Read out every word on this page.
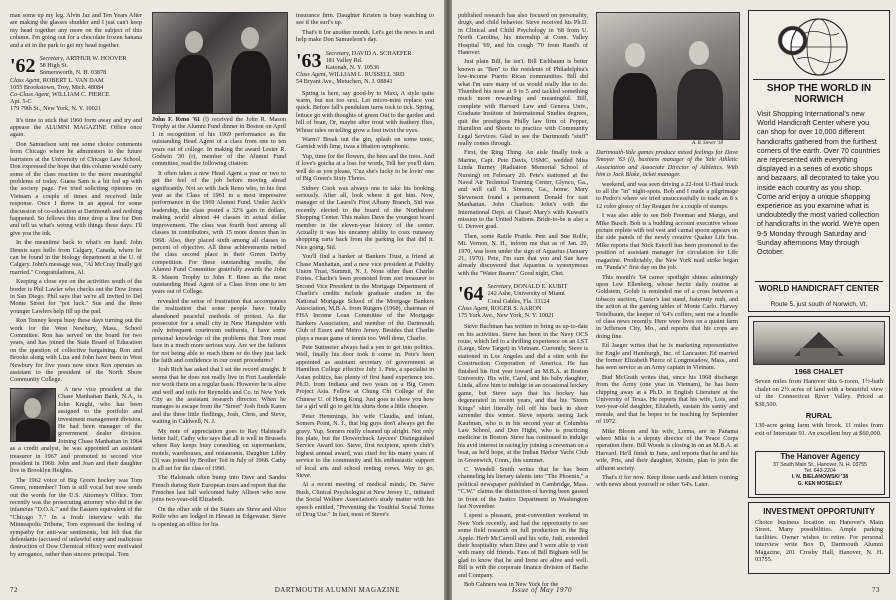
man some up my leg. Alvin Jaz and Ten Years After are making the glasses shudder and I just can't keep my head together any more on the subject of this column. I'm going out for a chocolate frozen banana and a sit in the park to get my head together.

'62 Secretary, ARTHUR W. HOOVER
58 High St.
Somersworth, N. H. 03878
Class Agent, ROBERT L. VAN DAM
1055 Brookstown, Troy, Mich. 48084
Co-Class Agent, WILLIAM C. PIERCE
Apt. 5-C
179 79th St., New York, N. Y. 10021

It's time to stick that 1960 form away and try and appease the ALUMNI MAGAZINE Office once again.

Don Samuelson sent me some choice comments from Chicago where he administers to the future barristers at the University of Chicago Law School. Don expressed the hope that this column would carry some of the class reaction to the more meaningful problems of today. Guess Sam is a bit fed up with the society page. I've tried soliciting opinions on Vietnam a couple of times and received little response. Once I threw in an appeal for some discussion of co-education at Dartmouth and nothing happened. So fellows this time drop a line for Don and tell us what's wrong with things these days. I'll give you the ink.

In the meantime back to what's on hand. John Dennis says hello from Calgary, Canada, where he can be found in the biology department at the U. of Calgary. John's message was, "Al McCray finally got married." Congratulations, Al.

Keeping a close eye on the activities south of the border is Phil Lawler who checks out the Dow Jones in San Diego. Phil says that we're all invited to Del Monte Street for "pot luck." Sue and the three younger Lawlers help fill up the pad.

Ron Tonney keeps busy these days turning out the work for the West Newbury, Mass., School Committee. Ron has served on the board for two years, and has joined the State Board of Education on the question of collective bargaining. Ron and Brooke along with Liza and John have been in West Newbury for five years now since Ron operates as assistant to the president of the North Shore Community College.

A new vice president at the Chase Manhattan Bank, N.A., is John Knight, who has been assigned to the portfolio and investment management division. He had been manager of the government dealer division. Joining Chase Manhattan in 1964 as a credit analyst, he was appointed an assistant treasurer in 1967 and promoted to second vice president in 1968. John and Joan and their daughter live in Brooklyn Heights.

The 1962 voice of Big Green hockey was Tom Green, remember? Tom is still vocal but now sends out the words for the U.S. Attorney's Office. Tom recently was the prosecuting attorney who did in the infamous "D.O.A." and the Eastern equivalent of the "Chicago 7." In a fresh interview with the Minneapolis Tribune, Tom expressed the feeling of sympathy for anti-war sentiments, but felt that the defendants (accused of unlawful entry and malicious destruction of Dow Chemical office) were motivated by arrogance, rather than sincere principal. Tom

John F. Reno '61 (l) received the John R. Mason Trophy at the Alumni Fund dinner in Boston on April 1 in recognition of his 1969 performance as the outstanding Head Agent of a class from one to ten years out of college. In making the award Lester R. Godwin '30 (r), member of the Alumni Fund committee, read the following citation:

It often takes a new Head Agent a year or two to get the feel of the job before moving ahead significantly. Not so with Jack Reno who, in his first year as the Class of 1961 to a most impressive performance in the 1969 Alumni Fund. Under Jack's leadership, the class posted a 32% gain in dollars, making world almost 44 classes in actual dollar improvement. The class was fourth best among all classes in contributors, with 15 more donors than in 1968. Also, they placed sixth among all classes in percent of objective. All these achievements netted the class second place in their Green Derby competition. For these outstanding results, the Alumni Fund Committee gratefully awards the John R. Mason Trophy to John F. Reno as the most outstanding Head Agent of a Class from one to ten years out of College.

revealed the sense of frustration that accompanies the realization that some people have totally abandoned peaceful methods of protest. As the prosecutor for a small city in New Hampshire with only infrequent courtroom outbursts, I have some personal knowledge of the problems that Tom must face in a much more serious way. Are we the failures for not being able to reach them or do they just lack the faith and confidence in our court procedures?

Josh Rich has asked that I set the record straight. It seems that he does not really live in Fort Lauderdale nor work there on a regular basis. However he is alive and well and toils for Reynolds and Co. in New York City as the assistant research director. When he manages to escape from the "Street" Josh finds Karen and the three little fledlings, Josh, Chris, and Steve, waiting in Caldwell, N. J.

My note of appreciation goes to Ray Halstead's better half, Cathy who says that all is well in Brussels where Ray keeps busy consulting on supermarkets, motels, warehouses, and restaurants. Daughter Libby (3) was joined by Brother Ted in July of 1968. Cathy is all set for the class of 1990.

The Halsteads often bump into Dave and Sandra French during their European tours and report that the Frenches last fall welcomed baby Allison who now joins two-year-old Elizabeth.

On the other side of the States are Steve and Alice Rolfe who are lodged in Hawaii in Edgewater. Steve is opening an office for his

insurance firm. Daughter Kristen is busy watching to see if the surf's up.

That's it for another month. Let's get the news in and help make Don Samuelson's day.

'63 Secretary, DAVID A. SCHAEFER
181 Valley Rd.
Katonah, N. Y. 10536
Class Agent, WILLIAM L. RUSSELL 3RD
54 Bryant Ave., Metuchen, N. J. 08841

Spring is here, say good-by to Maxi, A style quite warm, but not too sexi. Let micro-mini replace you quick. Before fall's pendulum turns tock to tick. Spring, lettuce go with thoughts of green Out to the garden and hill of bean, Or, maybe after trout with feathery flies, Whose tales on telling grow a foot twixt the eyes.

Warm? Break out the gin, splash on some tonic, Garnish with lime, twas a libation symphonic.

Yup, time for the flowers, the bees and the trees. And if love's gotcha at a loss for words, Tell her you'll darn well do as you please, 'Cuz she's lucky to be lovin' one of Big Green's Sixty Threes.

Sidney Cook was always one to take his booking seriously. After all, look where it got him. Now, manager of the Laurel's First Albany Branch, Sid was recently elected to the board of the Northshore Shopping Center. This makes Dave the youngest board member in the eleven-year history of the center. Actually it was his uncanny ability to coax runaway shopping carts back from the parking lot that did it. Nice going, Sid.

You'll find a banker at Bankers Trust, a friend at Chase Manhattan, and a new vice president at Fidelity Union Trust, Summit, N. J. None other than Charlie Fortes. Charlie's been promoted from sort treasurer to Second Vice President in the Mortgage Department of Charlie's credits include graduate studies in the National Mortgage School of the Mortgage Bankers Association, M.B.A. from Rutgers (1968), chairman of FHA Income Loan Committee of the Mortgage Bankers Association, and member of the Dartmouth Club of Essex and Metro Jersey. Besides that Charlie plays a mean game of tennis too. Well done, Charlie.

Pete Suttmeier always had a yen to get into politics. Well, finally his door took it come in. Pete's been appointed as assistant secretary of government at Hamilton College effective July 1. Pete, a specialist in Asian politics, has plenty of first hand experience too. Ph.D. from Indiana and two years on a Big Green Project Asia. Fellow at Chung Chi College of the Chinese U. of Hong Kong. Just goes to show you how far a girl will go to get his shirts done a little cheaper.

Peter Hemmings, his wife Claudia, and infant, Somers Point, N. J., that big guys don't always get the gravy. Yup, Somers really cleaned up alright. Not only his plate, but the Dowerchuck Jaycees' Distinguished Service Award too. Steve, first recipient, sports club's highest annual award, was cited for his many years of service to the community and his enthusiastic support of local arts and school renting crews. Way to go, Steve.

At a recent meeting of medical minds, Dr. Steve Bush, Clinical Psychologist at New Jersey U., initiated the Social Welfare Association's study matter with his speech entitled, "Preventing the Youthful Social Terms of Drug Use." In fact, most of Steve's

72	DARTMOUTH ALUMNI MAGAZINE

published research has also focused on personality, drugs, and child behavior. Steve received his Ph.D. in Clinical and Child Psychology in '68 from U. North Carolina, his internship at Conn. Valley Hospital '69, and his cough '70 from Rand's of Hanover.

Just plain Bill, he isn't. Bill Eichbaum is better known as "Ben" to the residents of Philadelphia's low-income Puerto Rican communities. Bill did what I'm sure many of us would really like to do. Thumbed his nose at 9 to 5 and tackled something much more rewarding and meaningful. Bill, complete with Harvard Law and Geneva Univ., Graduate Institute of International Studies degrees, quit the prestigious Philly law firm of Pepper, Hamilton and Sheetz to practice with Community Legal Services. Glad to see the Dartmouth "stuff" really comes through.

First, the Ring Thing. An aisle finally took a Marine, Capt. Pete Davis, USMC, wedded Miss Linda Burney (Radiation Memorial School of Nursing) on February 20. Pete's stationed at the Naval Air Technical Training Center, Glynco, Ga., and will call St. Simons, Ga., home. Mary Stevenson found a permanent Donald for east Manhattan. John Charlton. John's with the International Dept. at Chase; Mary's with Kuwait's mission to the United Nations. Bride-to-be is also a U. Denver grad.

Then, some Rattle Prattle. Pete and Sue Rolfe, Mt. Vernon, N. H., inform me that as of Jan. 20, 1970, was born under the sign of Aquarius (January 21, 1970). Pete, I'm sure that you and Sue have already discovered that Aquarius is synonymous with the "Water Bearer." Good night, Chet.

'64 Secretary, DONALD E. KUBIT
242 Ashe, University of Miami
Coral Gables, Fla. 33124
Class Agent, ROGER S. AARON
175 York Ave., New York, N. Y. 10021

Steve Bachman has written to bring us up-to-date on his activities. Steve has been in the Navy OCS route, which led to a thrilling experience on an LST (Large, Slow Target) in Vietnam. Currently, Steve is stationed in Los Angeles and did a stint with the Construction Corporation of America. He has finished his first year toward an M.B.A. at Boston University. His wife, Carol, and his baby daughter, Linda, allow him to indulge in an occasional hockey game, but Steve says that his hockey has degenerated in recent years, and that his "Storm Kings" shirt literally fell off his back in sheer surrender this winter. Steve reports seeing Jack Kaufman, who is in his second year at Columbia Law School, and Don Hight, who is practicing medicine in Boston. Steve has continued to indulge his avid interest in racing by joining a crewman on a boat, as he'd hope, at the Indian Harbor Yacht Club in Greenwich, Conn., this summer.

C. Wendell Smith writes that he has been channeling his literary talents into "The Phoenix," a political newspaper published in Cambridge, Mass. "C.W." claims the distinction of having been gassed in front of the Justice Department in Washington last November.

I spent a pleasant, post-convention weekend in New York recently, and had the opportunity to see some field research on full production in the Big Apple. Herb McCarroll and his wife, Judi, extended their hospitality when Dino and I were able to visit with many old friends. Fans of Bill Bigham will be glad to know that he and Irene are alive and well. Bill is with the corporate finance division of Bache and Company.

Bob Cahners was in New York for the

A. B. Stever '18

Dartmouth-Yale games produce mixed feelings for Dave Smoyer '63 (l), business manager of the Yale Athletic Association and Associate Director of Athletics. With him is Jack Blake, ticket manager.

weekend, and was seen driving a 22-foot U-Haul truck to all the "in" night-spots. Bob and I made a pilgrimage to Pedro's where we tried unsuccessfully to trade an 8 x 12 color glossy of Jay Reagan for a couple of stamps.

I was also able to see Bob Freeman and Margo, and Mike Busch. Bob is a budding account executive whose picture replete with red vest and carnal spoon appears on the side panels of the newly creative Quaker Life bus. Mike reports that Nick Estorff has been promoted to the position of assistant manager for circulation for Life magazine. Predictably, the New York mail strike began on "Panda's" first day on the job.

This month's '64 career spotlight shines admiringly upon Lew Ellenberg, whose hectic daily routine at Goldstein, Golub is reminded me of a cross between a tobacco auction, Custer's last stand, fraternity rush, and the action at the gaming tables of Monte Carlo. Harvey Teitelbaum, the keeper of '64's coffers, sent me a bundle of class news recently. Here were lives on a quaint farm in Jefferson City, Mo., and reports that his crops are doing fine.

Ed Jaeger writes that he is marketing representative for Engle and Hamburgh, Inc. of Lancaster. Ed married the former Elizabeth Pierce of Longmeadow, Mass., and has seen service as an Army captain in Vietnam.

Bud McGrath writes that, since his 1968 discharge from the Army (one year in Vietnam), he has been chipping away at a Ph.D. in English Literature at the University of Texas. He reports that his wife, Lois, and two-year-old daughter, Elizabeth, sustain his sanity and morale, and that he hopes to be teaching by September of 1972.

Mike Bloom and his wife, Lonna, are in Panama where Mike is a deputy director of the Peace Corps operation there. Bill Woods is closing in on an M.B.A. at Harvard. He'll finish in June, and reports that he and his wife, Pris, and their daughter, Kristin, plan to join the affluent society.

That's it for now. Keep those cards and letters coming with news about yourself or other '64's. Later.

SHOP THE WORLD IN NORWICH
Visit Shopping International's new World Handicraft Center where you can shop for over 10,000 different handicrafts gathered from the furthest corners of the earth. Over 70 countries are represented with everything displayed in a series of exotic shops and bazaars, all decorated to take you inside each country as you shop. Come and enjoy a unique shopping experience as you examine what is undoubtedly the most varied collection of handicrafts in the world. We're open 9-5 Monday through Saturday and Sunday afternoons May through October.
WORLD HANDICRAFT CENTER
Route 5, just south of Norwich, Vt.
1968 CHALET
Seven miles from Hanover this 6-room, 1½-bath chalet on 2½ acres of land with a beautiful view of the Connecticut River Valley. Priced at $38,500.
RURAL
130-acre going farm with brook. 11 miles from exit of Interstate 91. An excellent buy at $60,000.
The Hanover Agency
37 South Main St., Hanover, N. H. 03755
Tel. 643-2204
I. N. BIELANOWSKI '38
G. KEN MOSELEY
INVESTMENT OPPORTUNITY
Choice business location on Hanover's Main Street. Many possibilities. Ample parking facilities. Owner wishes to retire. For personal interview write Box D, Dartmouth Alumni Magazine, 201 Crosby Hall, Hanover, N. H. 03755.
Issue of May 1970	73
